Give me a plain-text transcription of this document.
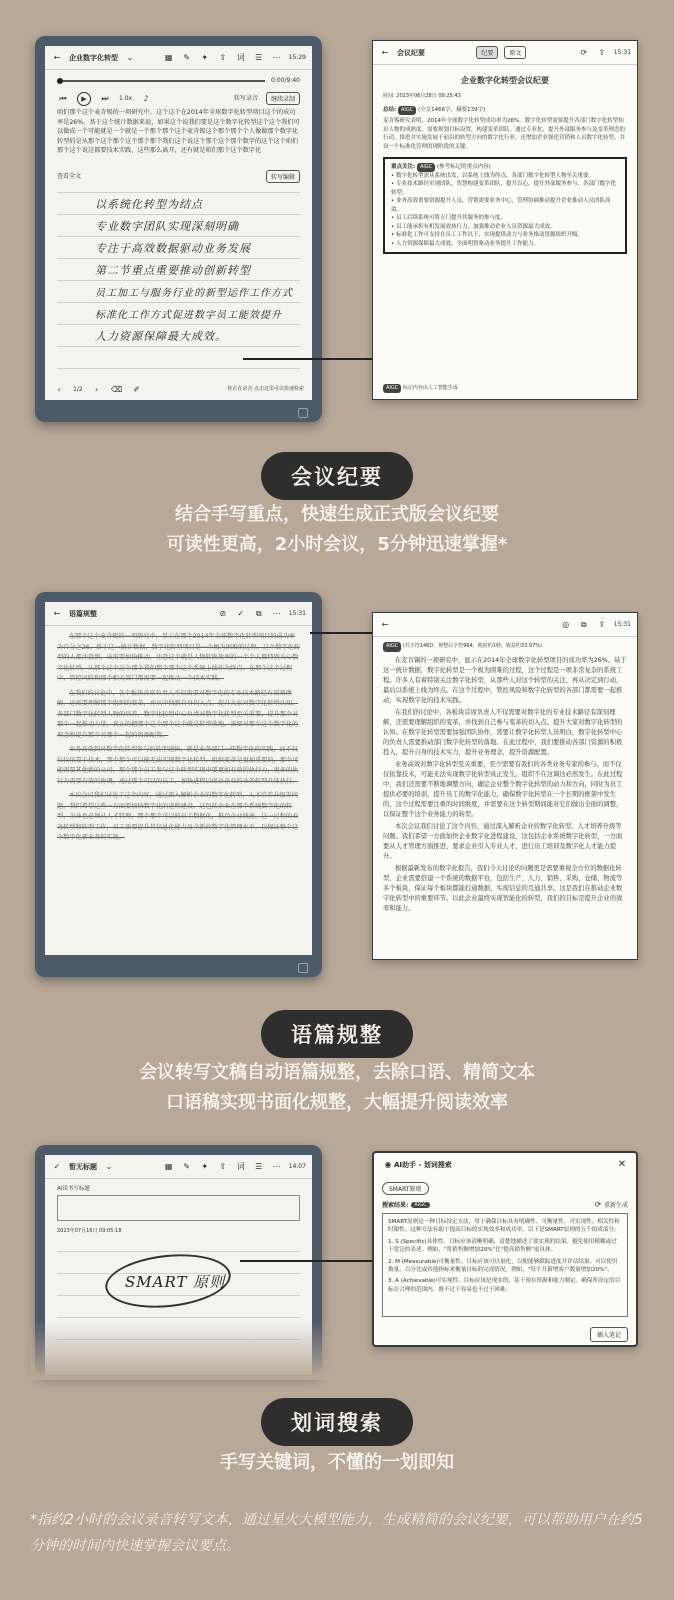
←	企业数字化转型	⌄	▦	✎	✦	⇪	词	☰	⋯	15:29
0:00/9:40
⏮	▶	⏭	1.0x	♪	转写录音	继续录制
咱们那个这个麦肯锡的一项研究中，这个这个在2014年全球数字化转型项目这个的成功率是26%，基于这个统计数据来说，如果这个说我们要是这个数字化转型这个这个我们可以做成一个可能就是一个就是一个那个那个这个麦肯锡这个那个那个个人像做那个数字化转型的是从那个这个那个这个那个那个我们这个说这个那个这个那个数字的这个这个咱们那个这个说这都要技术实践，这些那么离开，还有就是咱们那个这个数字化
查看全文	转写编辑
以系统化转型为结点
专业数字团队实现深刻明确
专注于高效数据驱动业务发展
第二节重点重要推动创新转型
员工加工与服务行业的新型运作工作方式
标准化工作方式促进数字员工能效提升
人力资源保障最大成效。
‹	1/2	›	⌫	✐	你正在录音 点击这里可以快速检索
←	会议纪要	纪要	原文	⟳	⇪	15:31
企业数字化转型会议纪要
时间: 2023年06月28日 09:25:43
总结: AIGC (全文1466字，摘要139字)
麦肯锡研究表明，2014年全球数字化转型成功率为26%。数字化转型需要提升各部门数字化转型知识人物的成熟度，需要规划目标设置，构建变革团队。通过专业化、提升外部服务参与及变革理念的行动，推进并实施发展于前沿的转型方向的数字化行业，还增加企业强化营销和人员数字化转型，并设一个标准化管理的现阶段的关键。
重点关注: AIGC (参考标记的重点内容)
• 数字化转型需从系统出发，以系统上线为终点，各部门数字化转型人物至关重要。
• 专业技术路径实现团队，智慧构建变革团队，提升以心，提升外部服务参与，各部门数字化转型。
• 业务高效重要资源提升人员，营销需要业务中心，管理协调推动提升企业推动人员团队高效。
• 员工后续系统可将专门提升其服务的参与度。
• 员工能承担有机发展效执行力，加强推动企业人员资源最大成效。
• 标准化工作可支持在员工工作以下，实现提供动力与业务推动资源组织升级。
• 人力资源保障最大成效，全面明智驱动业务提升工作能力。
AIGC 标记内容由人工智能生成
会议纪要
结合手写重点，快速生成正式版会议纪要
可读性更高，2小时会议，5分钟迅速掌握*
←	语篇规整	⊘	✓	⧉	⋯	15:31

在那个这个麦肯锡的一项研究中，显示在那个2014年全球数字化转型项目的成功率为百分之26。基于这一统计数据，数字化转型项目是一个极为困难的过程。这个数字化转型的人都注意到，该需要加快推动，注意这个就是人物转换效率的一个个人都特别关心数字化转型，从那个这个这个那个我们那个那个这个系统上线作为终点。在那个这个过程中，管控风险和那个相关部门都需要一起推动一个技术实践。

在我们的讨论中，各个板块首席负责人不仅需要对数字化的专业技术路径有深刻理解，还需要理解那个组织的变革，并从中找到自身切入点。提升大家对数字化转型认知。各部门数字化转型人物的培养，数字化转型中心负责对数字化转型至关重要，提升那个对那个一起推动力量，真正的把那个这个那个这个就是转型落地，需要对那个这个数字化的理念和提升那个对那个一起的资源配置。

业务高效到对数字化转型参与的转型越快，就是业务部门一些数字化的实践，而不仅仅仅依靠于技术，那个那个可以能无法实现数字化转型，组织变革是更加重要的，那个可能需要其他新的公司，那个那个员工参与这个转型实现中要更加有效的执行力，更多的执行力需要有效的协调，通过那个可以的员工，加快进程以保证企业的业务转型具体执行。

本次会议我们讨论了这个内容，通过深入解析企业的数字化转型，人才培养升级等问题。我们希望这些一方面要加快数字化的进程建设，这包括企业在那个系统数字化的转型，企业也必须从人才管理，那个那个可以的员工数据化，推动企业快速，这一过程的业务转型和转型工作，员工需要提升其信息化能力及全新的数字化管理水平，以保证整个这个数字化新业务的实现。

←	◎	⧉	⇪	15:31
AIGC (共字符146D，规整后字符964，耗时约1秒，收益约33.97%)

在麦肯锡的一项研究中，显示在2014年全球数字化转型项目的成功率为26%。基于这一统计数据，数字化转型是一个极为困难的过程，这个过程是一项非常复杂的系统工程。许多人有着特别关注数字化转型，从那些人对这个转型的关注，再从决定到行动，最后以系统上线为终点。在这个过程中，管控风险和数字化转型的各部门都需要一起推动，实现数字化的技术实践。

在我们的讨论中，各板块首席负责人不仅需要对数字化的专业技术路径有深刻理解，还需要理解组织的变革，并找到自己参与变革的切入点。提升大家对数字化转型的认知。在数字化转型需要加强团队协作，需要让数字化转型人员明白，数字化转型中心的负责人需要推动部门数字化转型的落地。在此过程中，我们要推动各部门资源的积极投入，提升自身的技术实力，提升业务理念，提升资源配置。

业务高效对数字化转型至关重要，至少需要有我们的各类业务专家的参与。而不仅仅依靠技术，可能无法实现数字化转型真正发生。组织不在这调这必然发生。在此过程中，我们还需要不断地调整方向，确定企业整个数字化转型的动力和方向，同时为员工提供必要的培训，提升员工的数字化能力，确保数字化转型在一个长期的框架中发生的，这个过程需要注重的时间维度，并需要在这个转型期间能对它们做出全面的调整，以保证整个这个业务能力的转型。

本次会议我们讨论了这个内容，通过深入解析企业的数字化转型、人才培养升级等问题。我们希望一方面加快企业数字化进程建设，这包括企业系统数字化转型，一方面要从人才管理方面推进，要求企业引入专业人才，进行员工培训及数字化人才能力提升。

根据最新发布的数字化报告，我们今天讨论的问题更是需要重视全方位的数据化转型，企业需要搭建一个系统的数据平台，包括生产、人力、销售、采购、仓储、物流等多个板块，保证每个板块都能打通数据，实现信息的互通共享。这是我们在推动企业数字化转型中的重要环节。以此企业最终实现智能化的转型，我们的目标是提升企业的效率和能力。

语篇规整
会议转写文稿自动语篇规整，去除口语、精简文本
口语稿实现书面化规整，大幅提升阅读效率
✓	暂无标题	⌄	▦	✎	✦	⇪	词	☰	⋯	14:07
AI读书写标题
2023年07月16日 09:05:18
SMART 原则
◉ AI助手 - 划词搜索	✕
SMART原则
搜索结果:	AIGC	⟳ 重新生成

SMART原则是一种目标设定方法，用于确保目标具有明确性、可衡量性、可实现性、相关性和时限性。这种方法有助于提高目标的实现效率和成功率。以下是SMART原则的五个组成部分：

1. S (Specific)具体性。目标应该清晰明确，清楚地描述了要实现的结果。避免使用模糊或过于宽泛的表述。例如，"将销售额增加20%"比"提高销售额"更具体。

2. M (Measurable)可衡量性。目标应该可以量化，以便能够跟踪进度并评估结果。可以使用数量、百分比或其他指标来衡量目标的完成情况。例如，"每个月新增客户数量增加20%"。

3. A (Achievable)可实现性。目标应该是现实的，基于现有资源和能力制定。确保所设定的目标在合理的范围内，既不过于容易也不过于困难。

插入笔记
划词搜索
手写关键词，不懂的一划即知
*指约2小时的会议录音转写文本，通过星火大模型能力，生成精简的会议纪要，可以帮助用户在约5分钟的时间内快速掌握会议要点。
